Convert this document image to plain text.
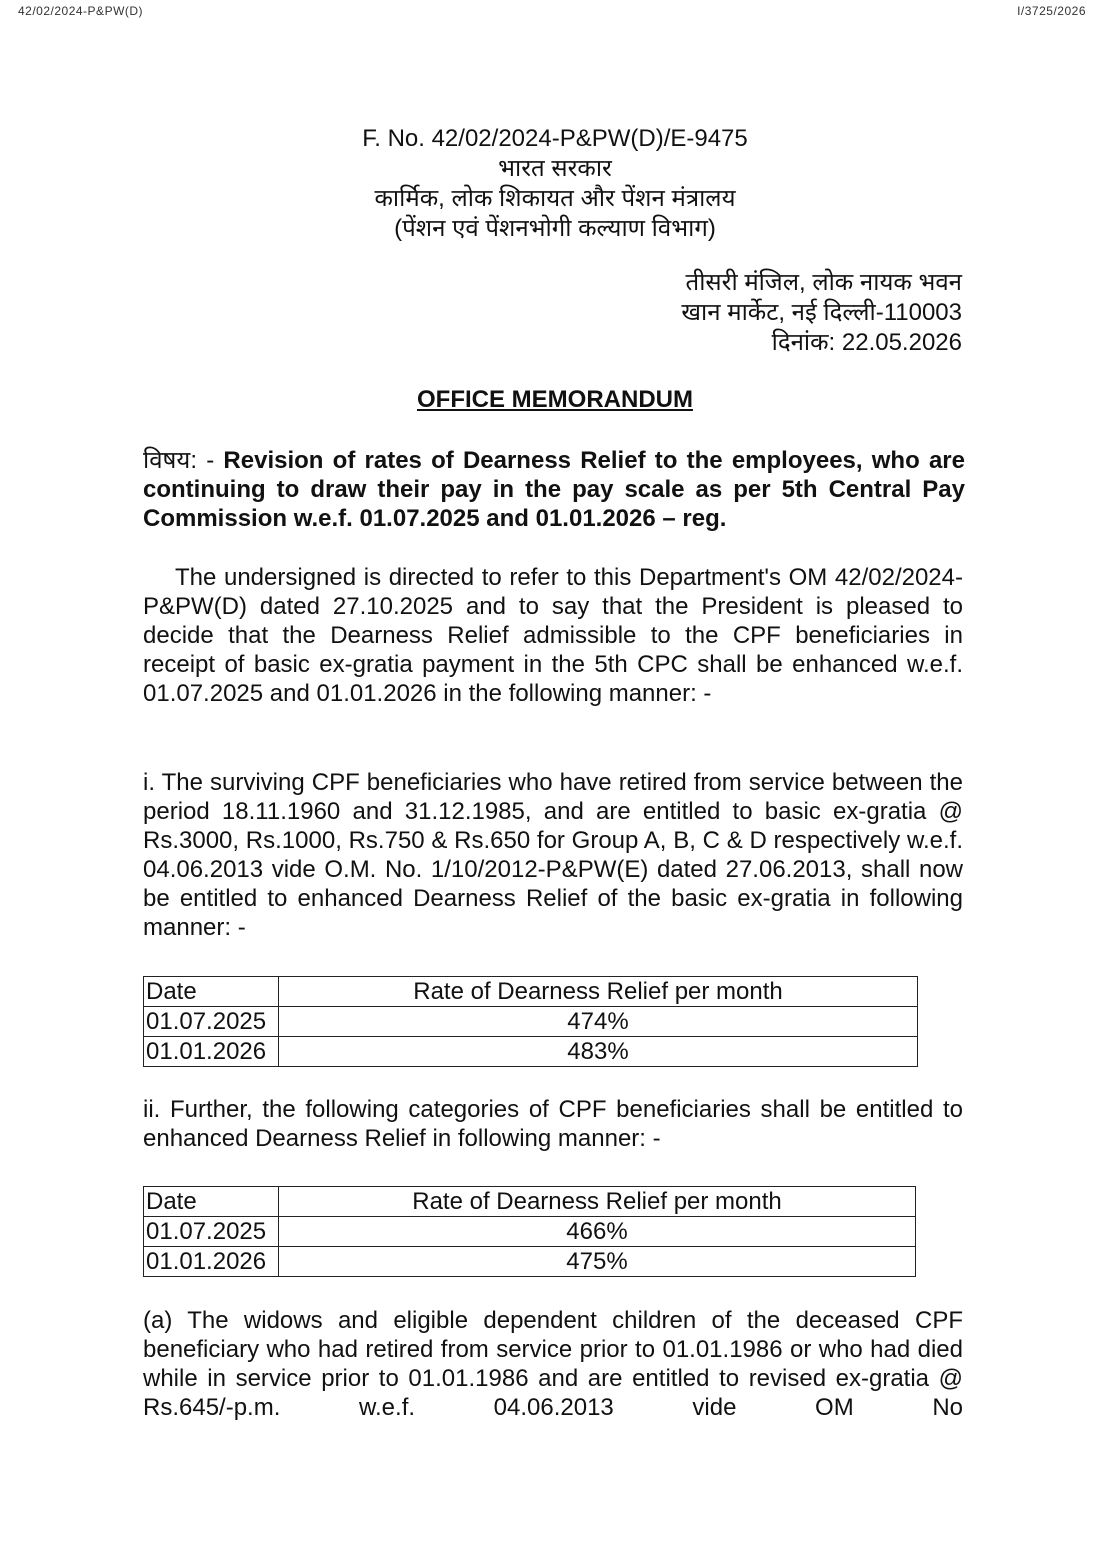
42/02/2024-P&PW(D)	I/3725/2026
F. No. 42/02/2024-P&PW(D)/E-9475
भारत सरकार
कार्मिक, लोक शिकायत और पेंशन मंत्रालय
(पेंशन एवं पेंशनभोगी कल्याण विभाग)
तीसरी मंजिल, लोक नायक भवन
खान मार्केट, नई दिल्ली-110003
दिनांक: 22.05.2026
OFFICE MEMORANDUM
विषय: - Revision of rates of Dearness Relief to the employees, who are continuing to draw their pay in the pay scale as per 5th Central Pay Commission w.e.f. 01.07.2025 and 01.01.2026 – reg.
The undersigned is directed to refer to this Department's OM 42/02/2024-P&PW(D) dated 27.10.2025 and to say that the President is pleased to decide that the Dearness Relief admissible to the CPF beneficiaries in receipt of basic ex-gratia payment in the 5th CPC shall be enhanced w.e.f. 01.07.2025 and 01.01.2026 in the following manner: -
i. The surviving CPF beneficiaries who have retired from service between the period 18.11.1960 and 31.12.1985, and are entitled to basic ex-gratia @ Rs.3000, Rs.1000, Rs.750 & Rs.650 for Group A, B, C & D respectively w.e.f. 04.06.2013 vide O.M. No. 1/10/2012-P&PW(E) dated 27.06.2013, shall now be entitled to enhanced Dearness Relief of the basic ex-gratia in following manner: -
Date	Rate of Dearness Relief per month
01.07.2025	474%
01.01.2026	483%
ii. Further, the following categories of CPF beneficiaries shall be entitled to enhanced Dearness Relief in following manner: -
Date	Rate of Dearness Relief per month
01.07.2025	466%
01.01.2026	475%
(a) The widows and eligible dependent children of the deceased CPF beneficiary who had retired from service prior to 01.01.1986 or who had died while in service prior to 01.01.1986 and are entitled to revised ex-gratia @ Rs.645/-p.m. w.e.f. 04.06.2013 vide OM No
